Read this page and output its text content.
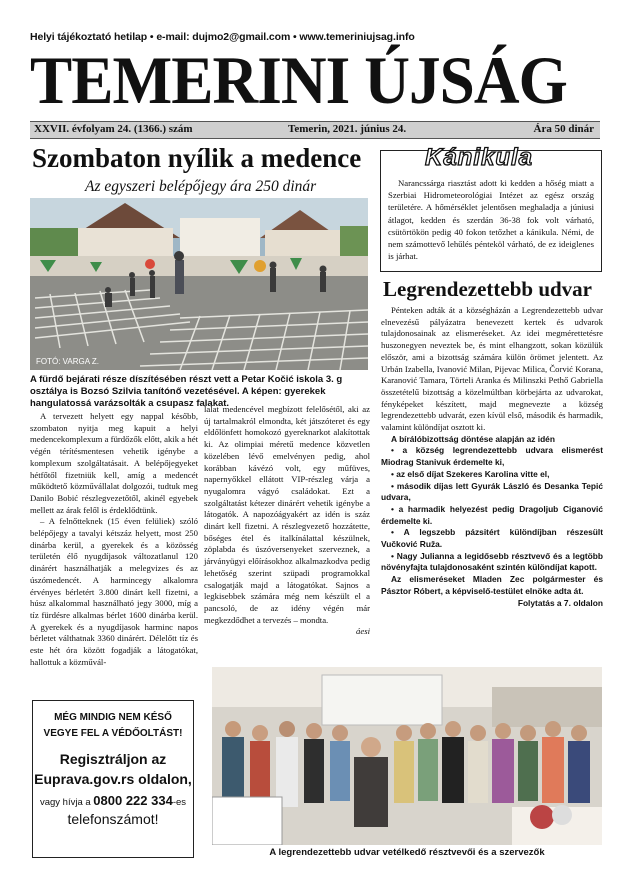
Helyi tájékoztató hetilap • e-mail: dujmo2@gmail.com • www.temeriniujsag.info
TEMERINI ÚJSÁG
XXVII. évfolyam 24. (1366.) szám	Temerin, 2021. június 24.	Ára 50 dinár
Szombaton nyílik a medence
Az egyszeri belépőjegy ára 250 dinár
FOTÓ: VARGA Z.
A fürdő bejárati része díszítésében részt vett a Petar Kočić iskola 3. g osztálya is Bozsó Szilvia tanítónő vezetésével. A képen: gyerekek hangulatossá varázsolták a csupasz falakat.

A tervezett helyett egy nappal később, szombaton nyitja meg kapuit a helyi medencekomplexum a fürdőzők előtt, akik a hét végén térítésmentesen vehetik igénybe a komplexum szolgáltatásait. A belépőjegyeket hétfőtől fizetniük kell, amíg a medencét működtető közművállalat dolgozói, tudtuk meg Danilo Bobić részlegvezetőtől, akinél egyebek mellett az árak felől is érdeklődtünk.

– A felnőtteknek (15 éven felüliek) szóló belépőjegy a tavalyi kétszáz helyett, most 250 dinárba kerül, a gyerekek és a közösség területén élő nyugdíjasok változatlanul 120 dinárért használhatják a melegvizes és az úszómedencét. A harmincegy alkalomra érvényes bérletért 3.800 dinárt kell fizetni, a húsz alkalommal használható jegy 3000, míg a tíz fürdésre alkalmas bérlet 1600 dinárba kerül. A gyerekek és a nyugdíjasok harminc napos bérletet válthatnak 3360 dinárért. Délelőtt tíz és este hét óra között fogadják a látogatókat, hallottuk a közművál-

lalat medencével megbízott felelősétől, aki az új tartalmakról elmondta, két játszóteret és egy eldőlönfett homokozó gyereknarkot alakítottak ki. Az olimpiai méretű medence közvetlen közelében lévő emelvényen pedig, ahol korábban kávézó volt, egy műfüves, napernyőkkel ellátott VIP-részleg várja a nyugalomra vágyó családokat. Ezt a szolgáltatást kétezer dinárért vehetik igénybe a látogatók. A napozóágyakért az idén is száz dinárt kell fizetni. A részlegvezető hozzátette, bőséges étel és italkínálattal készülnek, zöplabda és úszóversenyeket szerveznek, a járványügyi előírásokhoz alkalmazkodva pedig lehetőség szerint szüpadi programokkal csalogatják majd a látogatókat. Sajnos a legkisebbek számára még nem készült el a pancsoló, de az idény végén már megkezdődhet a tervezés – mondta.

áesi
MÉG MINDIG NEM KÉSŐ
VEGYE FEL A VÉDŐOLTÁST!
Regisztráljon az
Euprava.gov.rs oldalon,
vagy hívja a 0800 222 334-es
telefonszámot!
A legrendezettebb udvar vetélkedő résztvevői és a szervezők
Kánikula

Narancssárga riasztást adott ki kedden a hőség miatt a Szerbiai Hidrometeorológiai Intézet az egész ország területére. A hőmérséklet jelentősen meghaladja a júniusi átlagot, kedden és szerdán 36-38 fok volt várható, csütörtökön pedig 40 fokon tetőzhet a kánikula. Némi, de nem számottevő lehűlés pénteköl várható, de ez ideiglenes is járhat.

Legrendezettebb udvar

Pénteken adták át a községházán a Legrendezettebb udvar elnevezésű pályázatra benevezett kertek és udvarok tulajdonosainak az elismeréseket. Az idei megmérettetésre huszonegyen neveztek be, és mint elhangzott, sokan közülük először, ami a bizottság számára külön örömet jelentett. Az Urbán Izabella, Ivanović Milan, Pijevac Milica, Čorvić Korana, Karanović Tamara, Törteli Aranka és Milinszki Pethő Gabriella összetételű bizottság a közelmúltban körbejárta az udvarokat, fényképeket készített, majd megnevezte a község legrendezettebb udvarát, ezen kívül első, második és harmadik, valamint különdíjat osztott ki.

A bírálóbizottság döntése alapján az idén

• a község legrendezettebb udvara elismerést Miodrag Stanivuk érdemelte ki,

• az első díjat Szekeres Karolina vitte el,

• második díjas lett Gyurák László és Desanka Tepić udvara,

• a harmadik helyezést pedig Dragoljub Ciganović érdemelte ki.

• A legszebb pázsitért különdíjban részesült Vučković Ruža.

• Nagy Julianna a legidősebb résztvevő és a legtöbb növényfajta tulajdonosaként szintén különdíjat kapott.

Az elismeréseket Mladen Zec polgármester és Pásztor Róbert, a képviselő-testület elnöke adta át.

Folytatás a 7. oldalon
